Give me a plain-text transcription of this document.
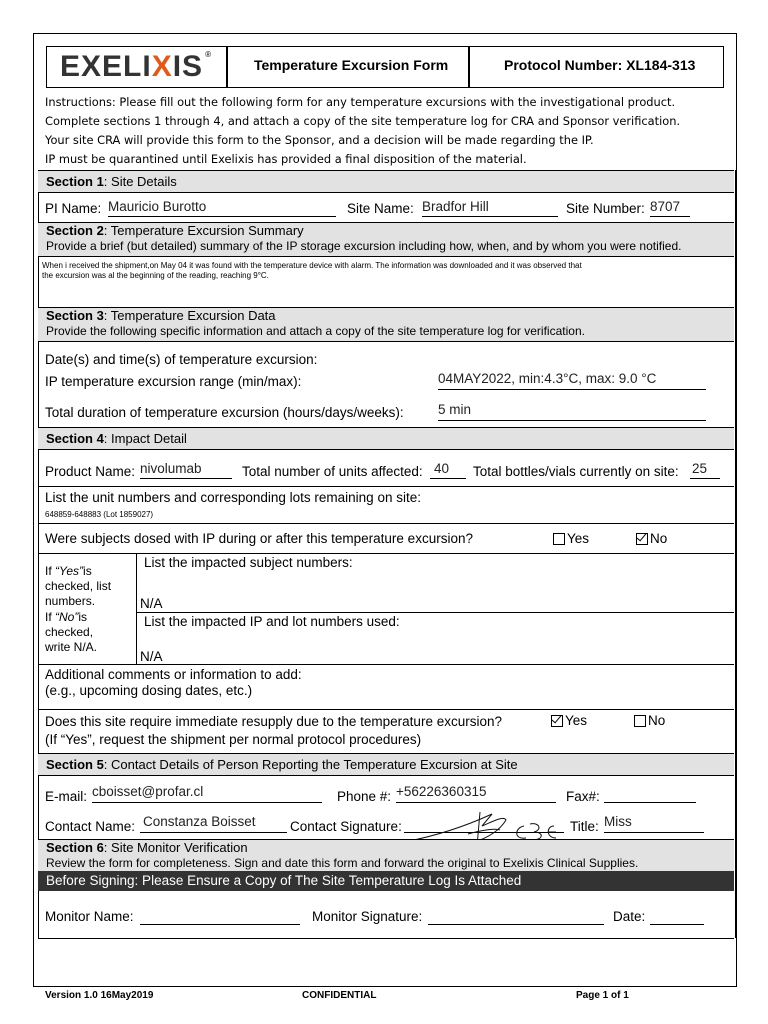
EXELIXIS ®
Temperature Excursion Form	Protocol Number: XL184-313
Instructions: Please fill out the following form for any temperature excursions with the investigational product.
Complete sections 1 through 4, and attach a copy of the site temperature log for CRA and Sponsor verification.
Your site CRA will provide this form to the Sponsor, and a decision will be made regarding the IP.
IP must be quarantined until Exelixis has provided a final disposition of the material.
Section 1: Site Details
PI Name: Mauricio Burotto	Site Name: Bradfor Hill	Site Number: 8707
Section 2: Temperature Excursion Summary
Provide a brief (but detailed) summary of the IP storage excursion including how, when, and by whom you were notified.
When i received the shipment,on May 04 it was found with the temperature device with alarm. The information was downloaded and it was observed that
the excursion was al the beginning of the reading, reaching 9°C.
Section 3: Temperature Excursion Data
Provide the following specific information and attach a copy of the site temperature log for verification.
Date(s) and time(s) of temperature excursion:
IP temperature excursion range (min/max):	04MAY2022, min:4.3°C, max: 9.0 °C
Total duration of temperature excursion (hours/days/weeks):	5 min
Section 4: Impact Detail
Product Name: nivolumab	Total number of units affected: 40	Total bottles/vials currently on site: 25
List the unit numbers and corresponding lots remaining on site:
648859-648883 (Lot 1859027)
Were subjects dosed with IP during or after this temperature excursion?	Yes	No
If “Yes”is
checked, list
numbers.
If “No”is
checked,
write N/A.
List the impacted subject numbers:
N/A
List the impacted IP and lot numbers used:
N/A
Additional comments or information to add:
(e.g., upcoming dosing dates, etc.)
Does this site require immediate resupply due to the temperature excursion?
(If “Yes”, request the shipment per normal protocol procedures)
Yes	No
Section 5: Contact Details of Person Reporting the Temperature Excursion at Site
E-mail: cboisset@profar.cl	Phone #: +56226360315	Fax#:
Contact Name: Constanza Boisset	Contact Signature:	Title: Miss
Section 6: Site Monitor Verification
Review the form for completeness. Sign and date this form and forward the original to Exelixis Clinical Supplies.
Before Signing: Please Ensure a Copy of The Site Temperature Log Is Attached
Monitor Name:	Monitor Signature:	Date:
Version 1.0 16May2019	CONFIDENTIAL	Page 1 of 1
